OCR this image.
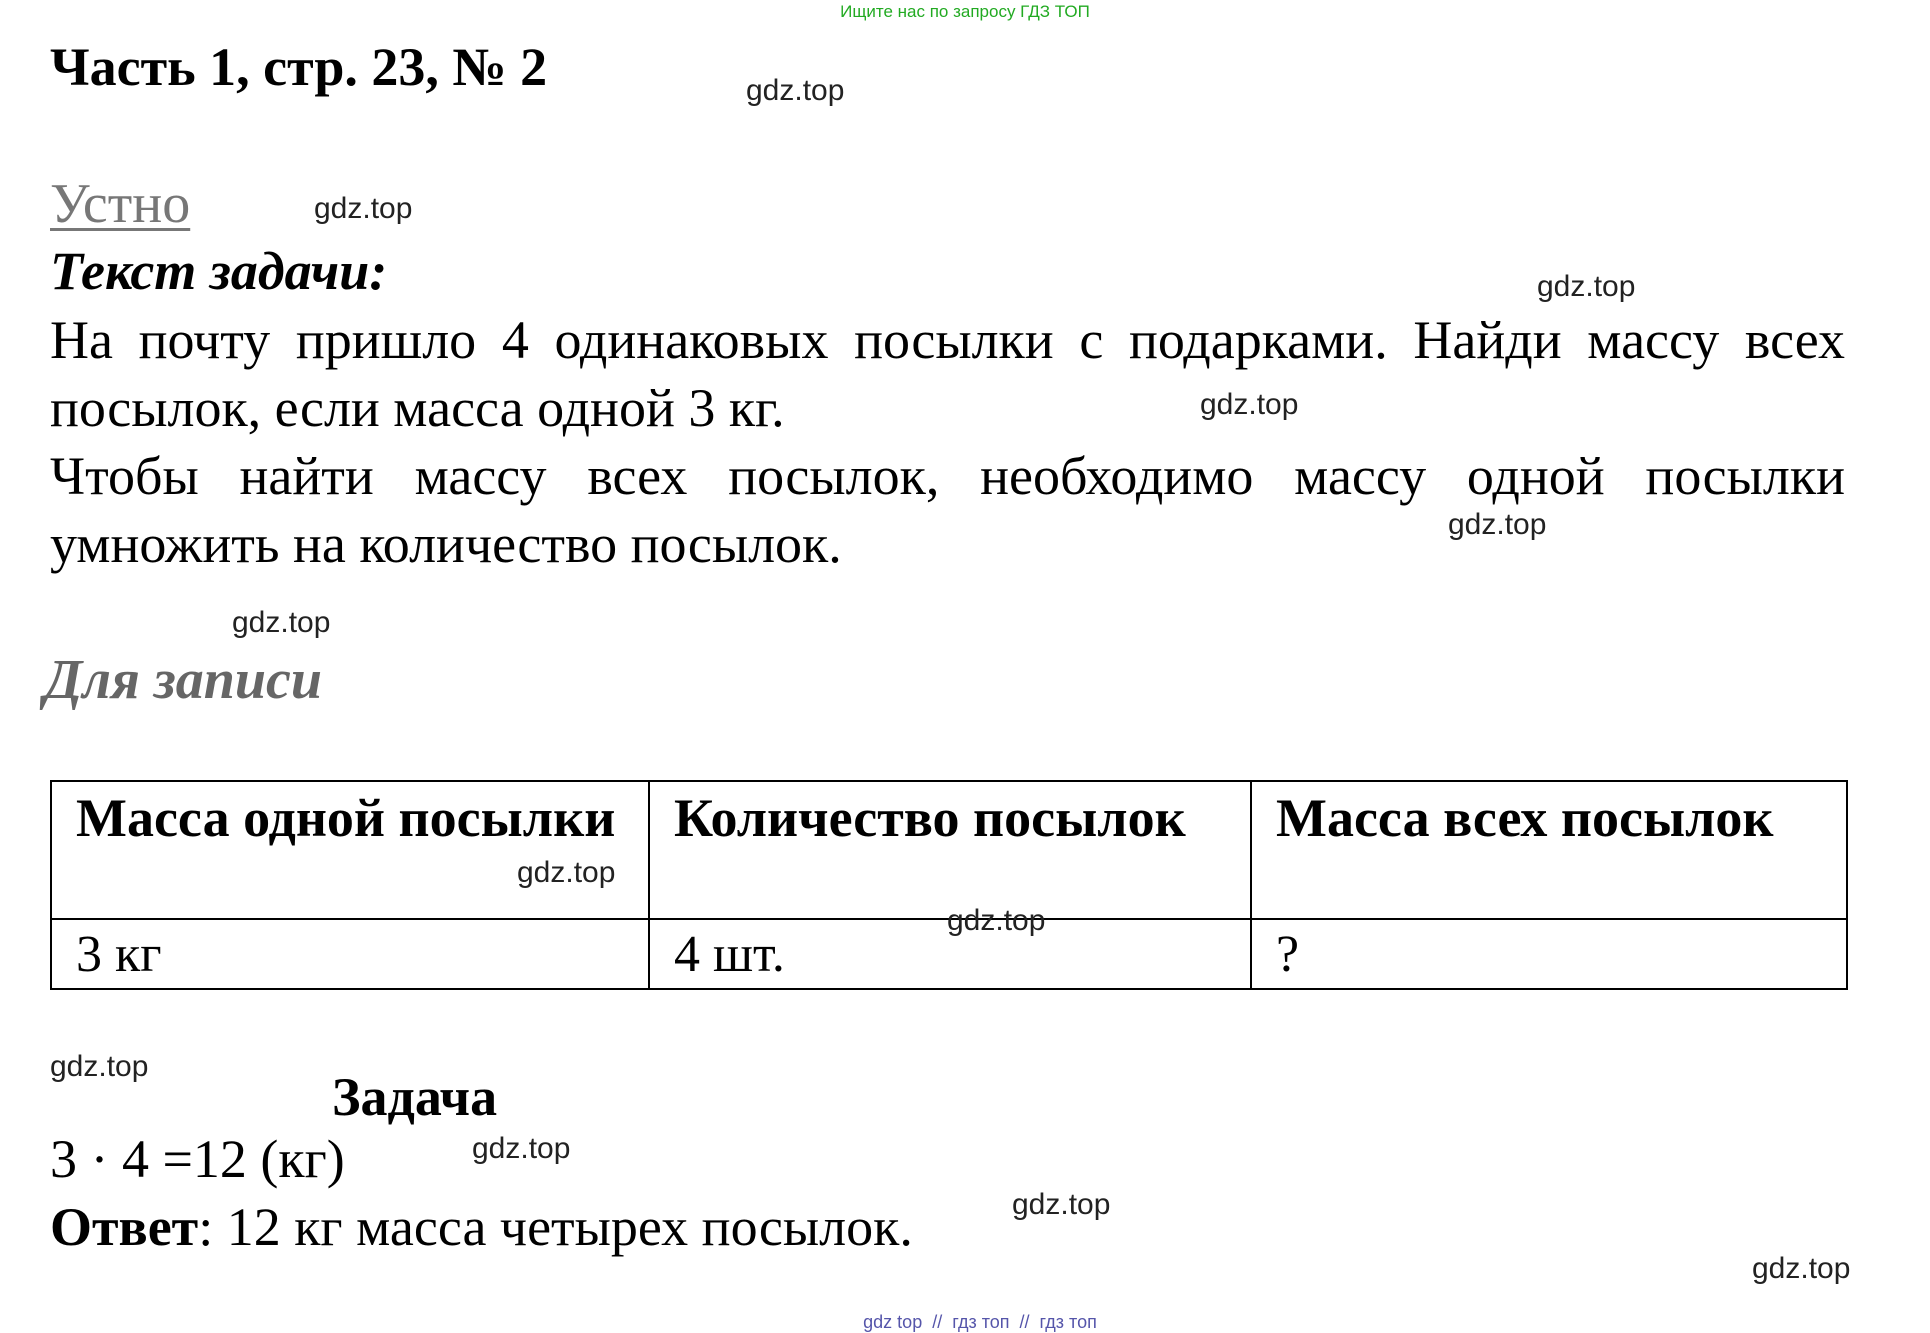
Ищите нас по запросу ГДЗ ТОП
Часть 1, стр. 23, № 2
Устно
Текст задачи:
На почту пришло 4 одинаковых посылки с подарками. Найди массу всех посылок, если масса одной 3 кг.
Чтобы найти массу всех посылок, необходимо массу одной посылки умножить на количество посылок.
Для записи
Масса одной посылки	Количество посылок	Масса всех посылок
3 кг	4 шт.	?
Задача
3 · 4 =12 (кг)
Ответ: 12 кг масса четырех посылок.
gdz.top
gdz.top
gdz.top
gdz.top
gdz.top
gdz.top
gdz.top
gdz.top
gdz.top
gdz.top
gdz.top
gdz.top
gdz top  //  гдз топ  //  гдз топ
